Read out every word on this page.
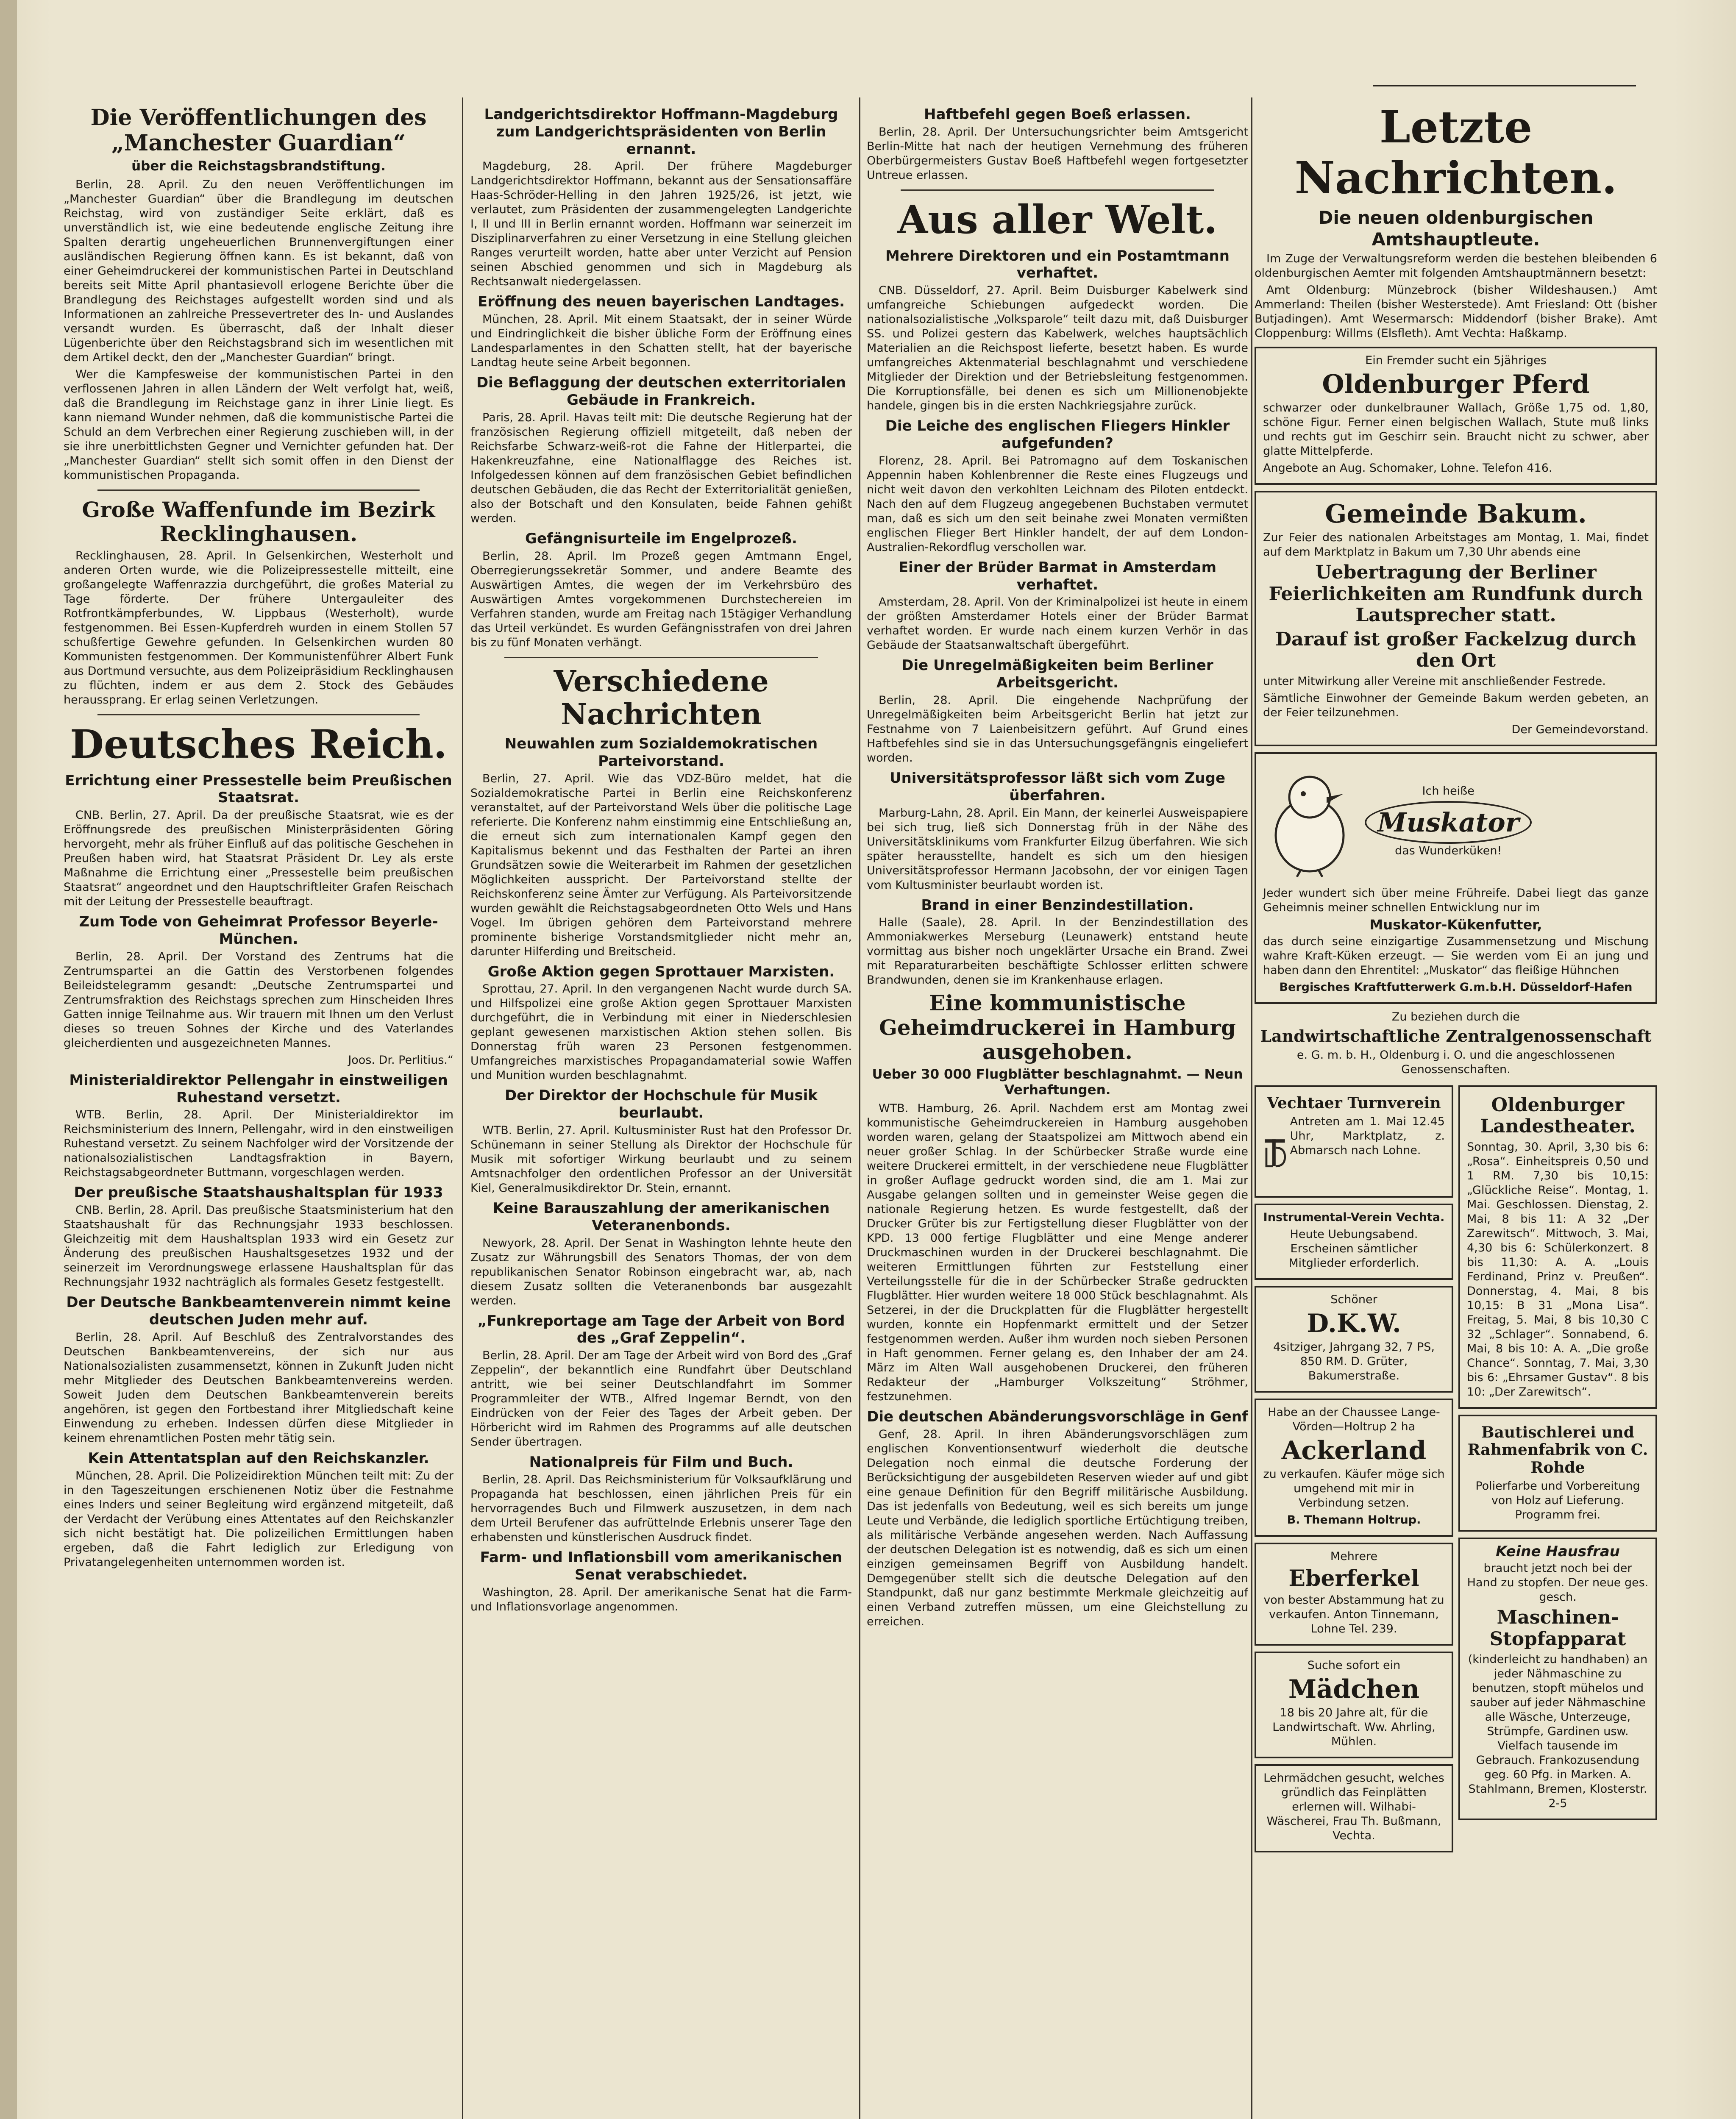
Die Veröffentlichungen des „Manchester Guardian“
über die Reichstagsbrandstiftung.

Berlin, 28. April. Zu den neuen Veröffentlichungen im „Manchester Guardian“ über die Brandlegung im deutschen Reichstag, wird von zuständiger Seite erklärt, daß es unverständlich ist, wie eine bedeutende englische Zeitung ihre Spalten derartig ungeheuerlichen Brunnenvergiftungen einer ausländischen Regierung öffnen kann. Es ist bekannt, daß von einer Geheimdruckerei der kommunistischen Partei in Deutschland bereits seit Mitte April phantasievoll erlogene Berichte über die Brandlegung des Reichstages aufgestellt worden sind und als Informationen an zahlreiche Pressevertreter des In- und Auslandes versandt wurden. Es überrascht, daß der Inhalt dieser Lügenberichte über den Reichstagsbrand sich im wesentlichen mit dem Artikel deckt, den der „Manchester Guardian“ bringt.

Wer die Kampfesweise der kommunistischen Partei in den verflossenen Jahren in allen Ländern der Welt verfolgt hat, weiß, daß die Brandlegung im Reichstage ganz in ihrer Linie liegt. Es kann niemand Wunder nehmen, daß die kommunistische Partei die Schuld an dem Verbrechen einer Regierung zuschieben will, in der sie ihre unerbittlichsten Gegner und Vernichter gefunden hat. Der „Manchester Guardian“ stellt sich somit offen in den Dienst der kommunistischen Propaganda.

Große Waffenfunde im Bezirk Recklinghausen.

Recklinghausen, 28. April. In Gelsenkirchen, Westerholt und anderen Orten wurde, wie die Polizeipressestelle mitteilt, eine großangelegte Waffenrazzia durchgeführt, die großes Material zu Tage förderte. Der frühere Untergauleiter des Rotfrontkämpferbundes, W. Lippbaus (Westerholt), wurde festgenommen. Bei Essen-Kupferdreh wurden in einem Stollen 57 schußfertige Gewehre gefunden. In Gelsenkirchen wurden 80 Kommunisten festgenommen. Der Kommunistenführer Albert Funk aus Dortmund versuchte, aus dem Polizeipräsidium Recklinghausen zu flüchten, indem er aus dem 2. Stock des Gebäudes heraussprang. Er erlag seinen Verletzungen.

Deutsches Reich.
Errichtung einer Pressestelle beim Preußischen Staatsrat.

CNB. Berlin, 27. April. Da der preußische Staatsrat, wie es der Eröffnungsrede des preußischen Ministerpräsidenten Göring hervorgeht, mehr als früher Einfluß auf das politische Geschehen in Preußen haben wird, hat Staatsrat Präsident Dr. Ley als erste Maßnahme die Errichtung einer „Pressestelle beim preußischen Staatsrat“ angeordnet und den Hauptschriftleiter Grafen Reischach mit der Leitung der Pressestelle beauftragt.

Zum Tode von Geheimrat Professor Beyerle-München.

Berlin, 28. April. Der Vorstand des Zentrums hat die Zentrumspartei an die Gattin des Verstorbenen folgendes Beileidstelegramm gesandt: „Deutsche Zentrumspartei und Zentrumsfraktion des Reichstags sprechen zum Hinscheiden Ihres Gatten innige Teilnahme aus. Wir trauern mit Ihnen um den Verlust dieses so treuen Sohnes der Kirche und des Vaterlandes gleicherdienten und ausgezeichneten Mannes.

Joos. Dr. Perlitius.“

Ministerialdirektor Pellengahr in einstweiligen Ruhestand versetzt.

WTB. Berlin, 28. April. Der Ministerialdirektor im Reichsministerium des Innern, Pellengahr, wird in den einstweiligen Ruhestand versetzt. Zu seinem Nachfolger wird der Vorsitzende der nationalsozialistischen Landtagsfraktion in Bayern, Reichstagsabgeordneter Buttmann, vorgeschlagen werden.

Der preußische Staatshaushaltsplan für 1933

CNB. Berlin, 28. April. Das preußische Staatsministerium hat den Staatshaushalt für das Rechnungsjahr 1933 beschlossen. Gleichzeitig mit dem Haushaltsplan 1933 wird ein Gesetz zur Änderung des preußischen Haushaltsgesetzes 1932 und der seinerzeit im Verordnungswege erlassene Haushaltsplan für das Rechnungsjahr 1932 nachträglich als formales Gesetz festgestellt.

Der Deutsche Bankbeamtenverein nimmt keine deutschen Juden mehr auf.

Berlin, 28. April. Auf Beschluß des Zentralvorstandes des Deutschen Bankbeamtenvereins, der sich nur aus Nationalsozialisten zusammensetzt, können in Zukunft Juden nicht mehr Mitglieder des Deutschen Bankbeamtenvereins werden. Soweit Juden dem Deutschen Bankbeamtenverein bereits angehören, ist gegen den Fortbestand ihrer Mitgliedschaft keine Einwendung zu erheben. Indessen dürfen diese Mitglieder in keinem ehrenamtlichen Posten mehr tätig sein.

Kein Attentatsplan auf den Reichskanzler.

München, 28. April. Die Polizeidirektion München teilt mit: Zu der in den Tageszeitungen erschienenen Notiz über die Festnahme eines Inders und seiner Begleitung wird ergänzend mitgeteilt, daß der Verdacht der Verübung eines Attentates auf den Reichskanzler sich nicht bestätigt hat. Die polizeilichen Ermittlungen haben ergeben, daß die Fahrt lediglich zur Erledigung von Privatangelegenheiten unternommen worden ist.

Landgerichtsdirektor Hoffmann-Magdeburg zum Landgerichtspräsidenten von Berlin ernannt.

Magdeburg, 28. April. Der frühere Magdeburger Landgerichtsdirektor Hoffmann, bekannt aus der Sensationsaffäre Haas-Schröder-Helling in den Jahren 1925/26, ist jetzt, wie verlautet, zum Präsidenten der zusammengelegten Landgerichte I, II und III in Berlin ernannt worden. Hoffmann war seinerzeit im Disziplinarverfahren zu einer Versetzung in eine Stellung gleichen Ranges verurteilt worden, hatte aber unter Verzicht auf Pension seinen Abschied genommen und sich in Magdeburg als Rechtsanwalt niedergelassen.

Eröffnung des neuen bayerischen Landtages.

München, 28. April. Mit einem Staatsakt, der in seiner Würde und Eindringlichkeit die bisher übliche Form der Eröffnung eines Landesparlamentes in den Schatten stellt, hat der bayerische Landtag heute seine Arbeit begonnen.

Die Beflaggung der deutschen exterritorialen Gebäude in Frankreich.

Paris, 28. April. Havas teilt mit: Die deutsche Regierung hat der französischen Regierung offiziell mitgeteilt, daß neben der Reichsfarbe Schwarz-weiß-rot die Fahne der Hitlerpartei, die Hakenkreuzfahne, eine Nationalflagge des Reiches ist. Infolgedessen können auf dem französischen Gebiet befindlichen deutschen Gebäuden, die das Recht der Exterritorialität genießen, also der Botschaft und den Konsulaten, beide Fahnen gehißt werden.

Gefängnisurteile im Engelprozeß.

Berlin, 28. April. Im Prozeß gegen Amtmann Engel, Oberregierungssekretär Sommer, und andere Beamte des Auswärtigen Amtes, die wegen der im Verkehrsbüro des Auswärtigen Amtes vorgekommenen Durchstechereien im Verfahren standen, wurde am Freitag nach 15tägiger Verhandlung das Urteil verkündet. Es wurden Gefängnisstrafen von drei Jahren bis zu fünf Monaten verhängt.

Verschiedene Nachrichten
Neuwahlen zum Sozialdemokratischen Parteivorstand.

Berlin, 27. April. Wie das VDZ-Büro meldet, hat die Sozialdemokratische Partei in Berlin eine Reichskonferenz veranstaltet, auf der Parteivorstand Wels über die politische Lage referierte. Die Konferenz nahm einstimmig eine Entschließung an, die erneut sich zum internationalen Kampf gegen den Kapitalismus bekennt und das Festhalten der Partei an ihren Grundsätzen sowie die Weiterarbeit im Rahmen der gesetzlichen Möglichkeiten ausspricht. Der Parteivorstand stellte der Reichskonferenz seine Ämter zur Verfügung. Als Parteivorsitzende wurden gewählt die Reichstagsabgeordneten Otto Wels und Hans Vogel. Im übrigen gehören dem Parteivorstand mehrere prominente bisherige Vorstandsmitglieder nicht mehr an, darunter Hilferding und Breitscheid.

Große Aktion gegen Sprottauer Marxisten.

Sprottau, 27. April. In den vergangenen Nacht wurde durch SA. und Hilfspolizei eine große Aktion gegen Sprottauer Marxisten durchgeführt, die in Verbindung mit einer in Niederschlesien geplant gewesenen marxistischen Aktion stehen sollen. Bis Donnerstag früh waren 23 Personen festgenommen. Umfangreiches marxistisches Propagandamaterial sowie Waffen und Munition wurden beschlagnahmt.

Der Direktor der Hochschule für Musik beurlaubt.

WTB. Berlin, 27. April. Kultusminister Rust hat den Professor Dr. Schünemann in seiner Stellung als Direktor der Hochschule für Musik mit sofortiger Wirkung beurlaubt und zu seinem Amtsnachfolger den ordentlichen Professor an der Universität Kiel, Generalmusikdirektor Dr. Stein, ernannt.

Keine Barauszahlung der amerikanischen Veteranenbonds.

Newyork, 28. April. Der Senat in Washington lehnte heute den Zusatz zur Währungsbill des Senators Thomas, der von dem republikanischen Senator Robinson eingebracht war, ab, nach diesem Zusatz sollten die Veteranenbonds bar ausgezahlt werden.

„Funkreportage am Tage der Arbeit von Bord des „Graf Zeppelin“.

Berlin, 28. April. Der am Tage der Arbeit wird von Bord des „Graf Zeppelin“, der bekanntlich eine Rundfahrt über Deutschland antritt, wie bei seiner Deutschlandfahrt im Sommer Programmleiter der WTB., Alfred Ingemar Berndt, von den Eindrücken von der Feier des Tages der Arbeit geben. Der Hörbericht wird im Rahmen des Programms auf alle deutschen Sender übertragen.

Nationalpreis für Film und Buch.

Berlin, 28. April. Das Reichsministerium für Volksaufklärung und Propaganda hat beschlossen, einen jährlichen Preis für ein hervorragendes Buch und Filmwerk auszusetzen, in dem nach dem Urteil Berufener das aufrüttelnde Erlebnis unserer Tage den erhabensten und künstlerischen Ausdruck findet.

Farm- und Inflationsbill vom amerikanischen Senat verabschiedet.

Washington, 28. April. Der amerikanische Senat hat die Farm- und Inflationsvorlage angenommen.

Haftbefehl gegen Boeß erlassen.

Berlin, 28. April. Der Untersuchungsrichter beim Amtsgericht Berlin-Mitte hat nach der heutigen Vernehmung des früheren Oberbürgermeisters Gustav Boeß Haftbefehl wegen fortgesetzter Untreue erlassen.

Aus aller Welt.
Mehrere Direktoren und ein Postamtmann verhaftet.

CNB. Düsseldorf, 27. April. Beim Duisburger Kabelwerk sind umfangreiche Schiebungen aufgedeckt worden. Die nationalsozialistische „Volksparole“ teilt dazu mit, daß Duisburger SS. und Polizei gestern das Kabelwerk, welches hauptsächlich Materialien an die Reichspost lieferte, besetzt haben. Es wurde umfangreiches Aktenmaterial beschlagnahmt und verschiedene Mitglieder der Direktion und der Betriebsleitung festgenommen. Die Korruptionsfälle, bei denen es sich um Millionenobjekte handele, gingen bis in die ersten Nachkriegsjahre zurück.

Die Leiche des englischen Fliegers Hinkler aufgefunden?

Florenz, 28. April. Bei Patromagno auf dem Toskanischen Appennin haben Kohlenbrenner die Reste eines Flugzeugs und nicht weit davon den verkohlten Leichnam des Piloten entdeckt. Nach den auf dem Flugzeug angegebenen Buchstaben vermutet man, daß es sich um den seit beinahe zwei Monaten vermißten englischen Flieger Bert Hinkler handelt, der auf dem London-Australien-Rekordflug verschollen war.

Einer der Brüder Barmat in Amsterdam verhaftet.

Amsterdam, 28. April. Von der Kriminalpolizei ist heute in einem der größten Amsterdamer Hotels einer der Brüder Barmat verhaftet worden. Er wurde nach einem kurzen Verhör in das Gebäude der Staatsanwaltschaft übergeführt.

Die Unregelmäßigkeiten beim Berliner Arbeitsgericht.

Berlin, 28. April. Die eingehende Nachprüfung der Unregelmäßigkeiten beim Arbeitsgericht Berlin hat jetzt zur Festnahme von 7 Laienbeisitzern geführt. Auf Grund eines Haftbefehles sind sie in das Untersuchungsgefängnis eingeliefert worden.

Universitätsprofessor läßt sich vom Zuge überfahren.

Marburg-Lahn, 28. April. Ein Mann, der keinerlei Ausweispapiere bei sich trug, ließ sich Donnerstag früh in der Nähe des Universitätsklinikums vom Frankfurter Eilzug überfahren. Wie sich später herausstellte, handelt es sich um den hiesigen Universitätsprofessor Hermann Jacobsohn, der vor einigen Tagen vom Kultusminister beurlaubt worden ist.

Brand in einer Benzindestillation.

Halle (Saale), 28. April. In der Benzindestillation des Ammoniakwerkes Merseburg (Leunawerk) entstand heute vormittag aus bisher noch ungeklärter Ursache ein Brand. Zwei mit Reparaturarbeiten beschäftigte Schlosser erlitten schwere Brandwunden, denen sie im Krankenhause erlagen.

Eine kommunistische Geheimdruckerei in Hamburg ausgehoben.
Ueber 30 000 Flugblätter beschlagnahmt. — Neun Verhaftungen.

WTB. Hamburg, 26. April. Nachdem erst am Montag zwei kommunistische Geheimdruckereien in Hamburg ausgehoben worden waren, gelang der Staatspolizei am Mittwoch abend ein neuer großer Schlag. In der Schürbecker Straße wurde eine weitere Druckerei ermittelt, in der verschiedene neue Flugblätter in großer Auflage gedruckt worden sind, die am 1. Mai zur Ausgabe gelangen sollten und in gemeinster Weise gegen die nationale Regierung hetzen. Es wurde festgestellt, daß der Drucker Grüter bis zur Fertigstellung dieser Flugblätter von der KPD. 13 000 fertige Flugblätter und eine Menge anderer Druckmaschinen wurden in der Druckerei beschlagnahmt. Die weiteren Ermittlungen führten zur Feststellung einer Verteilungsstelle für die in der Schürbecker Straße gedruckten Flugblätter. Hier wurden weitere 18 000 Stück beschlagnahmt. Als Setzerei, in der die Druckplatten für die Flugblätter hergestellt wurden, konnte ein Hopfenmarkt ermittelt und der Setzer festgenommen werden. Außer ihm wurden noch sieben Personen in Haft genommen. Ferner gelang es, den Inhaber der am 24. März im Alten Wall ausgehobenen Druckerei, den früheren Redakteur der „Hamburger Volkszeitung“ Ströhmer, festzunehmen.

Die deutschen Abänderungsvorschläge in Genf

Genf, 28. April. In ihren Abänderungsvorschlägen zum englischen Konventionsentwurf wiederholt die deutsche Delegation noch einmal die deutsche Forderung der Berücksichtigung der ausgebildeten Reserven wieder auf und gibt eine genaue Definition für den Begriff militärische Ausbildung. Das ist jedenfalls von Bedeutung, weil es sich bereits um junge Leute und Verbände, die lediglich sportliche Ertüchtigung treiben, als militärische Verbände angesehen werden. Nach Auffassung der deutschen Delegation ist es notwendig, daß es sich um einen einzigen gemeinsamen Begriff von Ausbildung handelt. Demgegenüber stellt sich die deutsche Delegation auf den Standpunkt, daß nur ganz bestimmte Merkmale gleichzeitig auf einen Verband zutreffen müssen, um eine Gleichstellung zu erreichen.

Letzte Nachrichten.
Die neuen oldenburgischen Amtshauptleute.

Im Zuge der Verwaltungsreform werden die bestehen bleibenden 6 oldenburgischen Aemter mit folgenden Amtshauptmännern besetzt:

Amt Oldenburg: Münzebrock (bisher Wildeshausen.) Amt Ammerland: Theilen (bisher Westerstede). Amt Friesland: Ott (bisher Butjadingen). Amt Wesermarsch: Middendorf (bisher Brake). Amt Cloppenburg: Willms (Elsfleth). Amt Vechta: Haßkamp.

Ein Fremder sucht ein 5jähriges

Oldenburger Pferd

schwarzer oder dunkelbrauner Wallach, Größe 1,75 od. 1,80, schöne Figur. Ferner einen belgischen Wallach, Stute muß links und rechts gut im Geschirr sein. Braucht nicht zu schwer, aber glatte Mittelpferde.

Angebote an Aug. Schomaker, Lohne. Telefon 416.

Gemeinde Bakum.

Zur Feier des nationalen Arbeitstages am Montag, 1. Mai, findet auf dem Marktplatz in Bakum um 7,30 Uhr abends eine

Uebertragung der Berliner Feierlichkeiten am Rundfunk durch Lautsprecher statt.
Darauf ist großer Fackelzug durch den Ort

unter Mitwirkung aller Vereine mit anschließender Festrede.

Sämtliche Einwohner der Gemeinde Bakum werden gebeten, an der Feier teilzunehmen.

Der Gemeindevorstand.

Ich heiße

Muskator

das Wunderküken!

Jeder wundert sich über meine Frühreife. Dabei liegt das ganze Geheimnis meiner schnellen Entwicklung nur im

Muskator-Kükenfutter,

das durch seine einzigartige Zusammensetzung und Mischung wahre Kraft-Küken erzeugt. — Sie werden vom Ei an jung und haben dann den Ehrentitel: „Muskator“ das fleißige Hühnchen

Bergisches Kraftfutterwerk G.m.b.H. Düsseldorf-Hafen

Zu beziehen durch die

Landwirtschaftliche Zentralgenossenschaft

e. G. m. b. H., Oldenburg i. O. und die angeschlossenen Genossenschaften.

Vechtaer Turnverein

Antreten am 1. Mai 12.45 Uhr, Marktplatz, z. Abmarsch nach Lohne.

Instrumental-Verein Vechta.

Heute Uebungsabend. Erscheinen sämtlicher Mitglieder erforderlich.

Schöner

D.K.W.

4sitziger, Jahrgang 32, 7 PS, 850 RM. D. Grüter, Bakumerstraße.

Habe an der Chaussee Lange-Vörden—Holtrup 2 ha

Ackerland

zu verkaufen. Käufer möge sich umgehend mit mir in Verbindung setzen.

B. Themann Holtrup.

Mehrere

Eberferkel

von bester Abstammung hat zu verkaufen. Anton Tinnemann, Lohne Tel. 239.

Suche sofort ein

Mädchen

18 bis 20 Jahre alt, für die Landwirtschaft. Ww. Ahrling, Mühlen.

Lehrmädchen gesucht, welches gründlich das Feinplätten erlernen will. Wilhabi-Wäscherei, Frau Th. Bußmann, Vechta.

Oldenburger Landestheater.

Sonntag, 30. April, 3,30 bis 6: „Rosa“. Einheitspreis 0,50 und 1 RM. 7,30 bis 10,15: „Glückliche Reise“. Montag, 1. Mai. Geschlossen. Dienstag, 2. Mai, 8 bis 11: A 32 „Der Zarewitsch“. Mittwoch, 3. Mai, 4,30 bis 6: Schülerkonzert. 8 bis 11,30: A. A. „Louis Ferdinand, Prinz v. Preußen“. Donnerstag, 4. Mai, 8 bis 10,15: B 31 „Mona Lisa“. Freitag, 5. Mai, 8 bis 10,30 C 32 „Schlager“. Sonnabend, 6. Mai, 8 bis 10: A. A. „Die große Chance“. Sonntag, 7. Mai, 3,30 bis 6: „Ehrsamer Gustav“. 8 bis 10: „Der Zarewitsch“.

Bautischlerei und Rahmenfabrik von C. Rohde

Polierfarbe und Vorbereitung von Holz auf Lieferung. Programm frei.

Keine Hausfrau

braucht jetzt noch bei der Hand zu stopfen. Der neue ges. gesch.

Maschinen-Stopfapparat

(kinderleicht zu handhaben) an jeder Nähmaschine zu benutzen, stopft mühelos und sauber auf jeder Nähmaschine alle Wäsche, Unterzeuge, Strümpfe, Gardinen usw. Vielfach tausende im Gebrauch. Frankozusendung geg. 60 Pfg. in Marken. A. Stahlmann, Bremen, Klosterstr. 2-5
